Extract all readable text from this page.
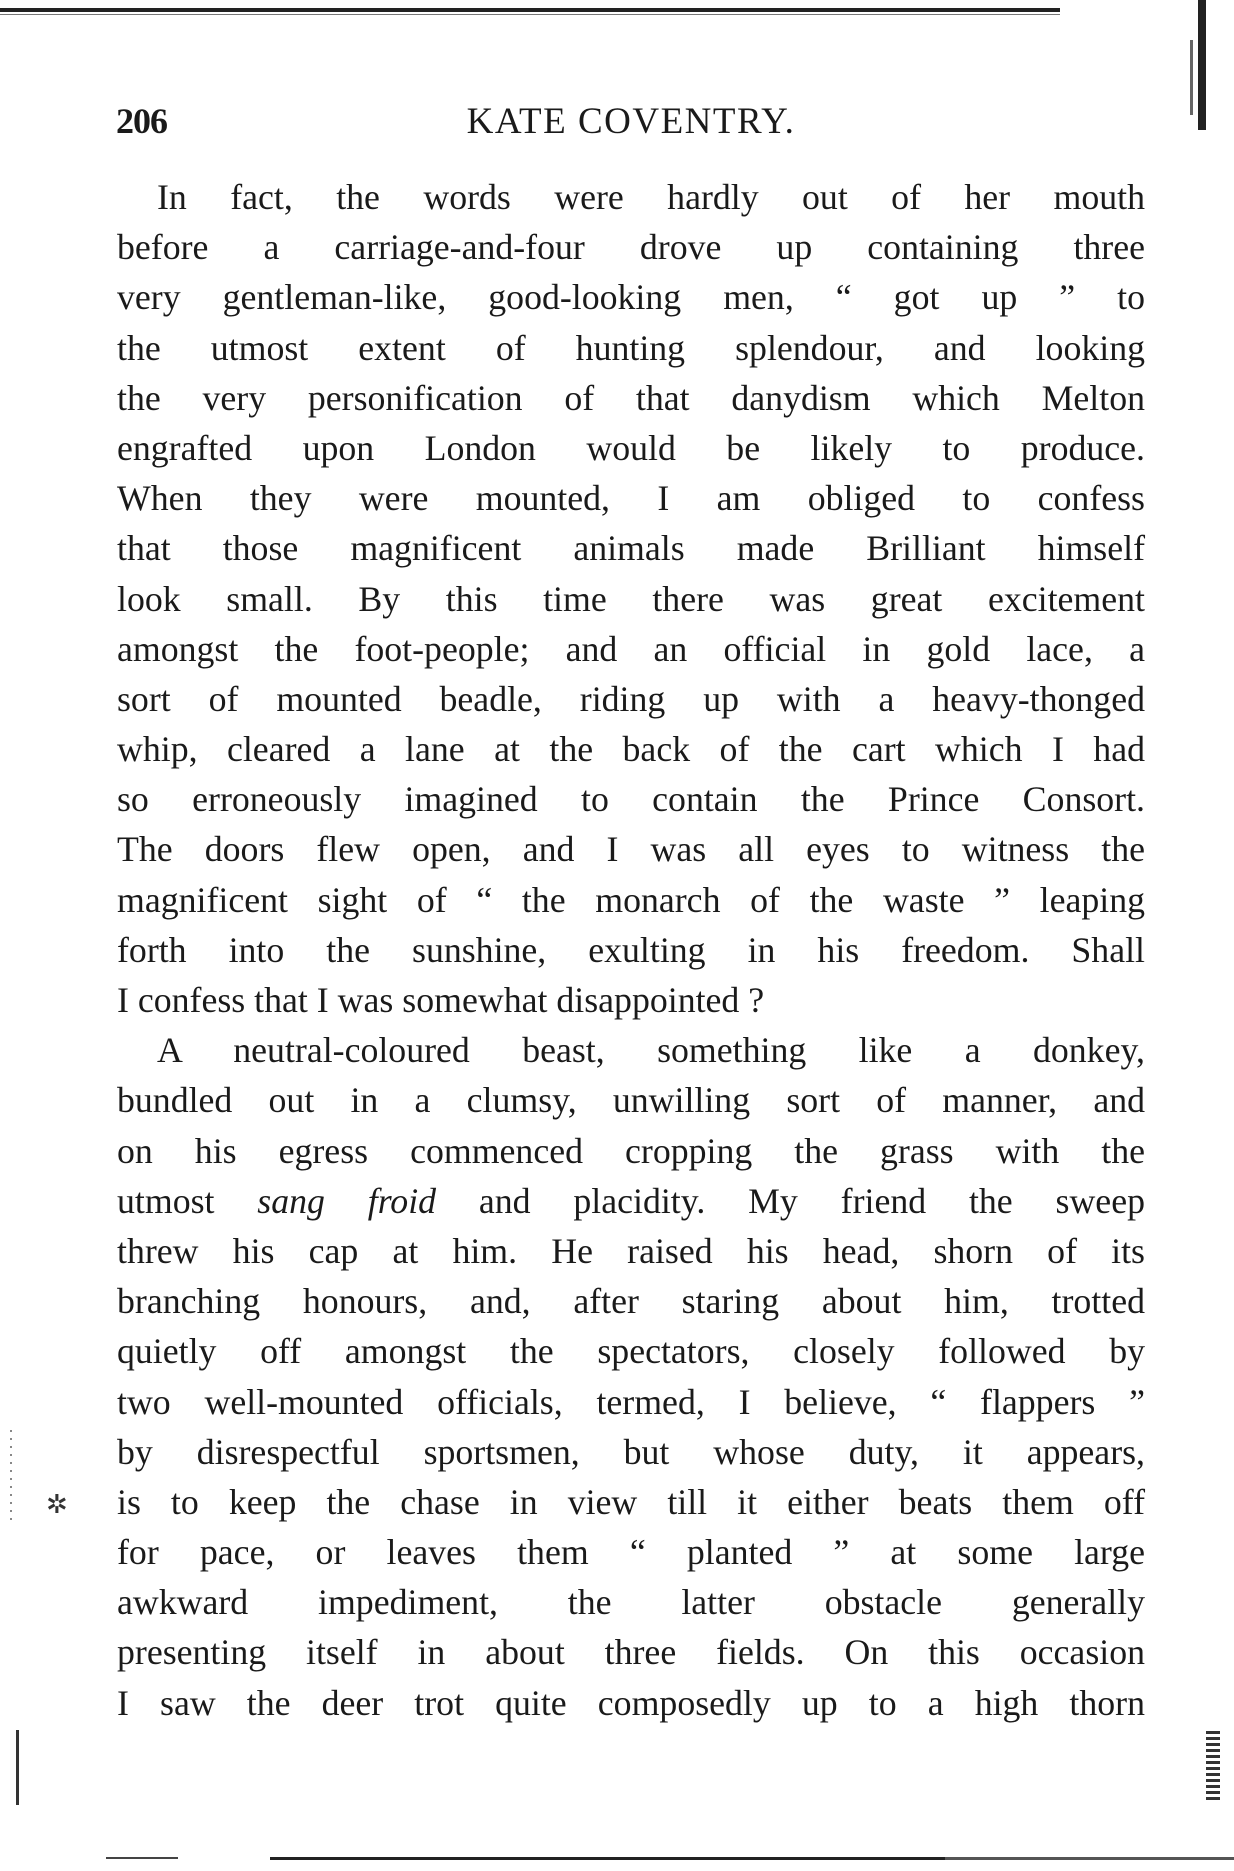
✲
206	KATE COVENTRY.
In fact, the words were hardly out of her mouth
before a carriage-and-four drove up containing three
very gentleman-like, good-looking men, “ got up ” to
the utmost extent of hunting splendour, and looking
the very personification of that danydism which Melton
engrafted upon London would be likely to produce.
When they were mounted, I am obliged to confess
that those magnificent animals made Brilliant himself
look small. By this time there was great excitement
amongst the foot-people; and an official in gold lace, a
sort of mounted beadle, riding up with a heavy-thonged
whip, cleared a lane at the back of the cart which I had
so erroneously imagined to contain the Prince Consort.
The doors flew open, and I was all eyes to witness the
magnificent sight of “ the monarch of the waste ” leaping
forth into the sunshine, exulting in his freedom. Shall
I confess that I was somewhat disappointed ?
A neutral-coloured beast, something like a donkey,
bundled out in a clumsy, unwilling sort of manner, and
on his egress commenced cropping the grass with the
utmost sang froid and placidity. My friend the sweep
threw his cap at him. He raised his head, shorn of its
branching honours, and, after staring about him, trotted
quietly off amongst the spectators, closely followed by
two well-mounted officials, termed, I believe, “ flappers ”
by disrespectful sportsmen, but whose duty, it appears,
is to keep the chase in view till it either beats them off
for pace, or leaves them “ planted ” at some large
awkward impediment, the latter obstacle generally
presenting itself in about three fields. On this occasion
I saw the deer trot quite composedly up to a high thorn
